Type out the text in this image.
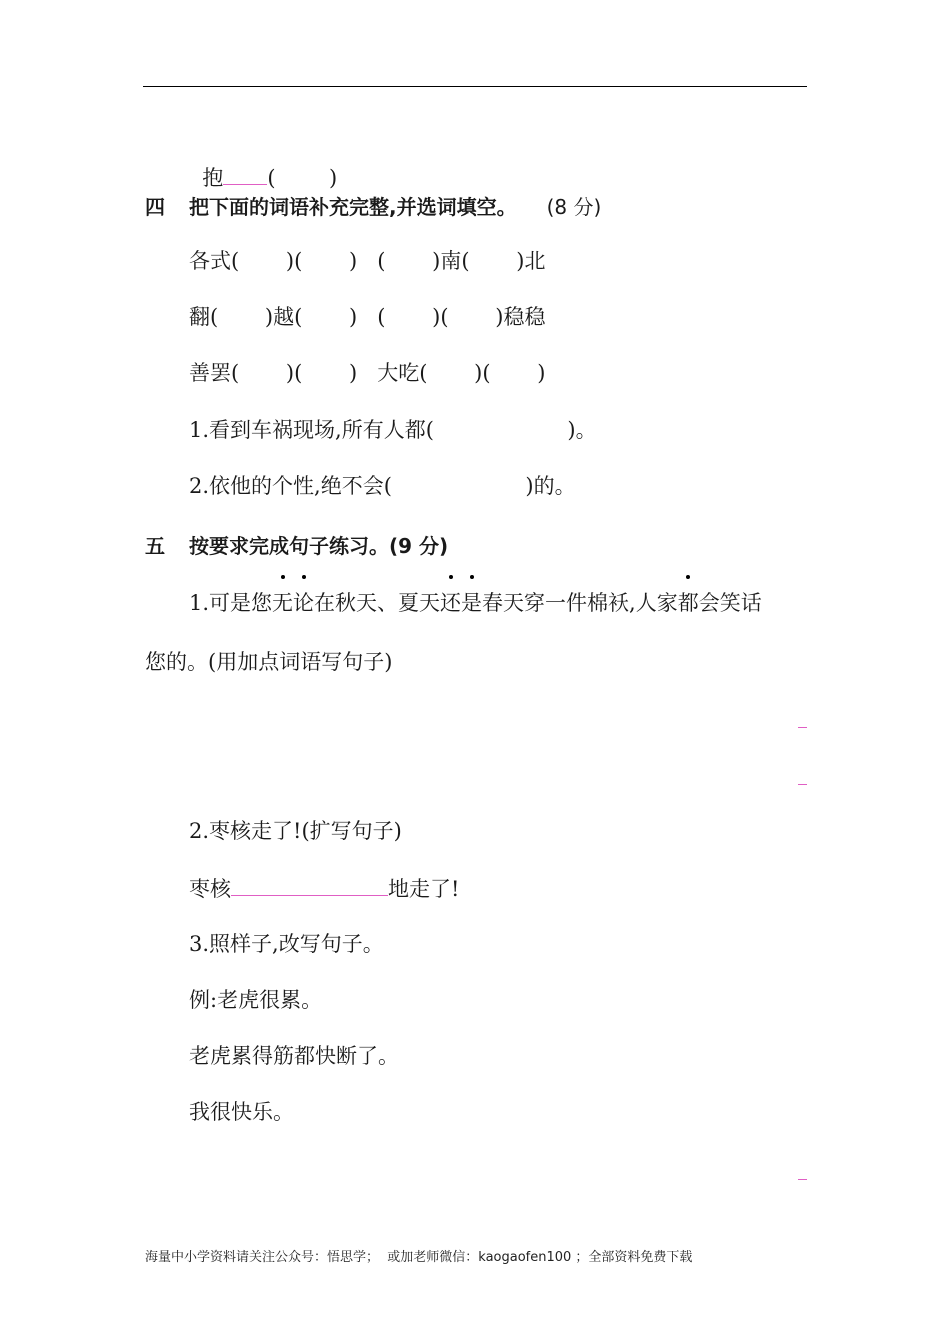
抱 (        )

四 把下面的词语补充完整,并选词填空。 (8 分)
各式(       )(       )   (       )南(       )北
翻(       )越(       )   (       )(       )稳稳
善罢(       )(       )   大吃(       )(       )
1.看到车祸现场,所有人都(                    )。
2.依他的个性,绝不会(                    )的。
五 按要求完成句子练习。(9 分)
1.可是您无论在秋天、夏天还是春天穿一件棉袄,人家都会笑话
您的。(用加点词语写句子)
2.枣核走了!(扩写句子)
枣核	地走了!
3.照样子,改写句子。
例:老虎很累。
老虎累得筋都快断了。
我很快乐。
海量中小学资料请关注公众号：悟思学；  或加老师微信：kaogaofen100 ；全部资料免费下载
